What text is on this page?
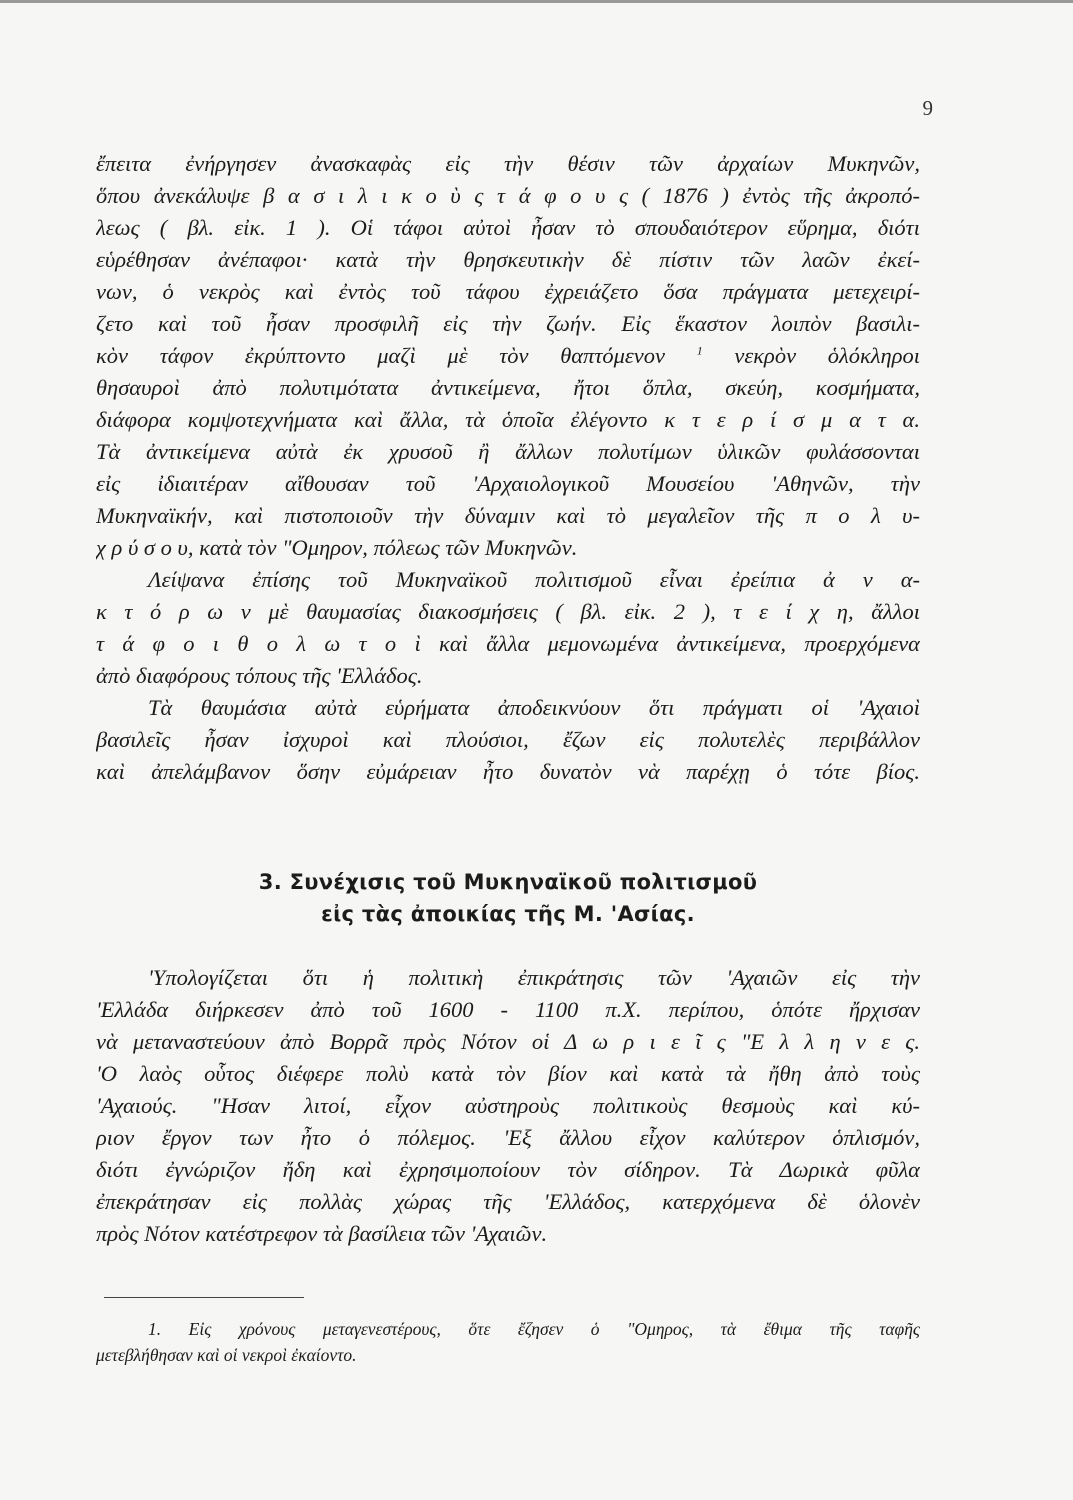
9
ἔπειτα ἐνήργησεν ἀνασκαφὰς εἰς τὴν θέσιν τῶν ἀρχαίων Μυκηνῶν,
ὅπου ἀνεκάλυψε β α σ ι λ ι κ ο ὺ ς τ ά φ ο υ ς ( 1876 ) ἐντὸς τῆς ἀκροπό-
λεως ( βλ. εἰκ. 1 ). Οἱ τάφοι αὐτοὶ ἦσαν τὸ σπουδαιότερον εὕρημα, διότι
εὑρέθησαν ἀνέπαφοι· κατὰ τὴν θρησκευτικὴν δὲ πίστιν τῶν λαῶν ἐκεί-
νων, ὁ νεκρὸς καὶ ἐντὸς τοῦ τάφου ἐχρειάζετο ὅσα πράγματα μετεχειρί-
ζετο καὶ τοῦ ἦσαν προσφιλῆ εἰς τὴν ζωήν. Εἰς ἕκαστον λοιπὸν βασιλι-
κὸν τάφον ἐκρύπτοντο μαζὶ μὲ τὸν θαπτόμενον	$^1$ νεκρὸν ὁλόκληροι
θησαυροὶ ἀπὸ πολυτιμότατα ἀντικείμενα, ἤτοι ὅπλα, σκεύη, κοσμήματα,
διάφορα κομψοτεχνήματα καὶ ἄλλα, τὰ ὁποῖα ἐλέγοντο κ τ ε ρ ί σ μ α τ α.
Τὰ ἀντικείμενα αὐτὰ ἐκ χρυσοῦ ἢ ἄλλων πολυτίμων ὑλικῶν φυλάσσονται
εἰς ἰδιαιτέραν αἴθουσαν τοῦ 'Αρχαιολογικοῦ Μουσείου 'Αθηνῶν, τὴν
Μυκηναϊκήν, καὶ πιστοποιοῦν τὴν δύναμιν καὶ τὸ μεγαλεῖον τῆς π ο λ υ-
χ ρ ύ σ ο υ, κατὰ τὸν "Ομηρον, πόλεως τῶν Μυκηνῶν.
Λείψανα ἐπίσης τοῦ Μυκηναϊκοῦ πολιτισμοῦ εἶναι ἐρείπια ἀ ν α-
κ τ ό ρ ω ν μὲ θαυμασίας διακοσμήσεις ( βλ. εἰκ. 2 ), τ ε ί χ η, ἄλλοι
τ ά φ ο ι θ ο λ ω τ ο ὶ καὶ ἄλλα μεμονωμένα ἀντικείμενα, προερχόμενα
ἀπὸ διαφόρους τόπους τῆς 'Ελλάδος.
Τὰ θαυμάσια αὐτὰ εὑρήματα ἀποδεικνύουν ὅτι πράγματι οἱ 'Αχαιοὶ
βασιλεῖς ἦσαν ἰσχυροὶ καὶ πλούσιοι, ἔζων εἰς πολυτελὲς περιβάλλον
καὶ ἀπελάμβανον ὅσην εὐμάρειαν ἦτο δυνατὸν νὰ παρέχῃ ὁ τότε βίος.
3. Συνέχισις τοῦ Μυκηναϊκοῦ πολιτισμοῦ
εἰς τὰς ἀποικίας τῆς Μ. 'Ασίας.
'Υπολογίζεται ὅτι ἡ πολιτικὴ ἐπικράτησις τῶν 'Αχαιῶν εἰς τὴν
'Ελλάδα διήρκεσεν ἀπὸ τοῦ 1600 - 1100 π.Χ. περίπου, ὁπότε ἤρχισαν
νὰ μεταναστεύουν ἀπὸ Βορρᾶ πρὸς Νότον οἱ Δ ω ρ ι ε ῖ ς "Ε λ λ η ν ε ς.
'Ο λαὸς οὗτος διέφερε πολὺ κατὰ τὸν βίον καὶ κατὰ τὰ ἤθη ἀπὸ τοὺς
'Αχαιούς. "Ησαν λιτοί, εἶχον αὐστηροὺς πολιτικοὺς θεσμοὺς καὶ κύ-
ριον ἔργον των ἦτο ὁ πόλεμος. 'Εξ ἄλλου εἶχον καλύτερον ὁπλισμόν,
διότι ἐγνώριζον ἤδη καὶ ἐχρησιμοποίουν τὸν σίδηρον. Τὰ Δωρικὰ φῦλα
ἐπεκράτησαν εἰς πολλὰς χώρας τῆς 'Ελλάδος, κατερχόμενα δὲ ὁλονὲν
πρὸς Νότον κατέστρεφον τὰ βασίλεια τῶν 'Αχαιῶν.
1. Εἰς χρόνους μεταγενεστέρους, ὅτε ἔζησεν ὁ "Ομηρος, τὰ ἔθιμα τῆς ταφῆς
μετεβλήθησαν καὶ οἱ νεκροὶ ἐκαίοντο.
